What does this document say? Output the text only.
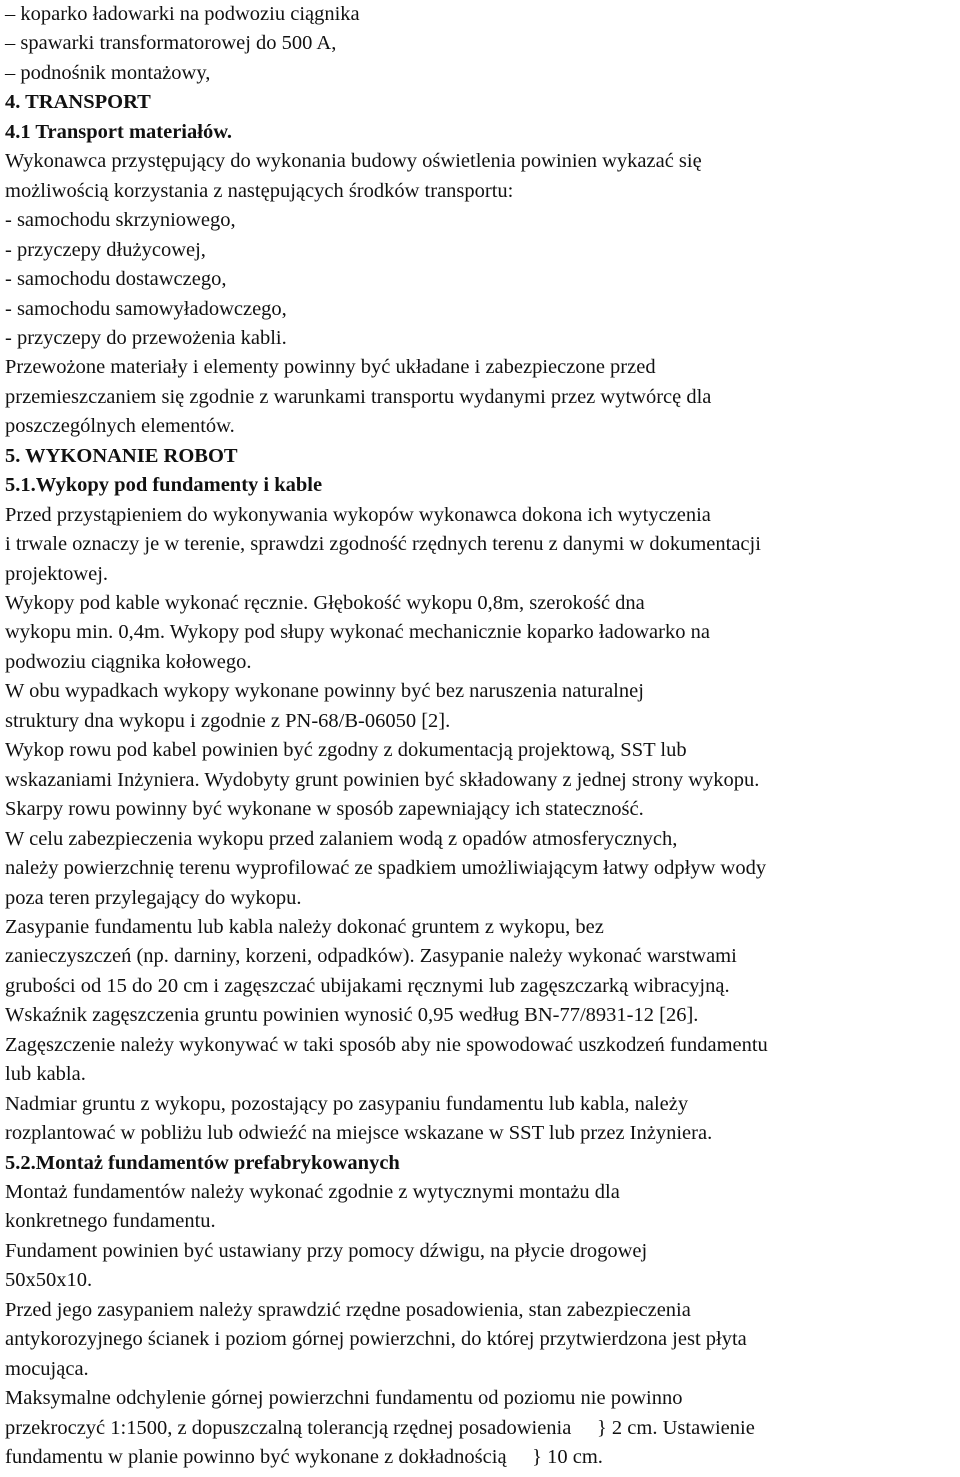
– koparko ładowarki na podwoziu ciągnika
– spawarki transformatorowej do 500 A,
– podnośnik montażowy,
4. TRANSPORT
4.1 Transport materiałów.
Wykonawca przystępujący do wykonania budowy oświetlenia powinien wykazać się
możliwością korzystania z następujących środków transportu:
- samochodu skrzyniowego,
- przyczepy dłużycowej,
- samochodu dostawczego,
- samochodu samowyładowczego,
- przyczepy do przewożenia kabli.
Przewożone materiały i elementy powinny być układane i zabezpieczone przed
przemieszczaniem się zgodnie z warunkami transportu wydanymi przez wytwórcę dla
poszczególnych elementów.
5. WYKONANIE ROBOT
5.1.Wykopy pod fundamenty i kable
Przed przystąpieniem do wykonywania wykopów wykonawca dokona ich wytyczenia
i trwale oznaczy je w terenie, sprawdzi zgodność rzędnych terenu z danymi w dokumentacji
projektowej.
Wykopy pod kable wykonać ręcznie. Głębokość wykopu 0,8m, szerokość dna
wykopu min. 0,4m. Wykopy pod słupy wykonać mechanicznie koparko ładowarko na
podwoziu ciągnika kołowego.
W obu wypadkach wykopy wykonane powinny być bez naruszenia naturalnej
struktury dna wykopu i zgodnie z PN-68/B-06050 [2].
Wykop rowu pod kabel powinien być zgodny z dokumentacją projektową, SST lub
wskazaniami Inżyniera. Wydobyty grunt powinien być składowany z jednej strony wykopu.
Skarpy rowu powinny być wykonane w sposób zapewniający ich stateczność.
W celu zabezpieczenia wykopu przed zalaniem wodą z opadów atmosferycznych,
należy powierzchnię terenu wyprofilować ze spadkiem umożliwiającym łatwy odpływ wody
poza teren przylegający do wykopu.
Zasypanie fundamentu lub kabla należy dokonać gruntem z wykopu, bez
zanieczyszczeń (np. darniny, korzeni, odpadków). Zasypanie należy wykonać warstwami
grubości od 15 do 20 cm i zagęszczać ubijakami ręcznymi lub zagęszczarką wibracyjną.
Wskaźnik zagęszczenia gruntu powinien wynosić 0,95 według BN-77/8931-12 [26].
Zagęszczenie należy wykonywać w taki sposób aby nie spowodować uszkodzeń fundamentu
lub kabla.
Nadmiar gruntu z wykopu, pozostający po zasypaniu fundamentu lub kabla, należy
rozplantować w pobliżu lub odwieźć na miejsce wskazane w SST lub przez Inżyniera.
5.2.Montaż fundamentów prefabrykowanych
Montaż fundamentów należy wykonać zgodnie z wytycznymi montażu dla
konkretnego fundamentu.
Fundament powinien być ustawiany przy pomocy dźwigu, na płycie drogowej
50x50x10.
Przed jego zasypaniem należy sprawdzić rzędne posadowienia, stan zabezpieczenia
antykorozyjnego ścianek i poziom górnej powierzchni, do której przytwierdzona jest płyta
mocująca.
Maksymalne odchylenie górnej powierzchni fundamentu od poziomu nie powinno
przekroczyć 1:1500, z dopuszczalną tolerancją rzędnej posadowienia     } 2 cm. Ustawienie
fundamentu w planie powinno być wykonane z dokładnością     } 10 cm.
